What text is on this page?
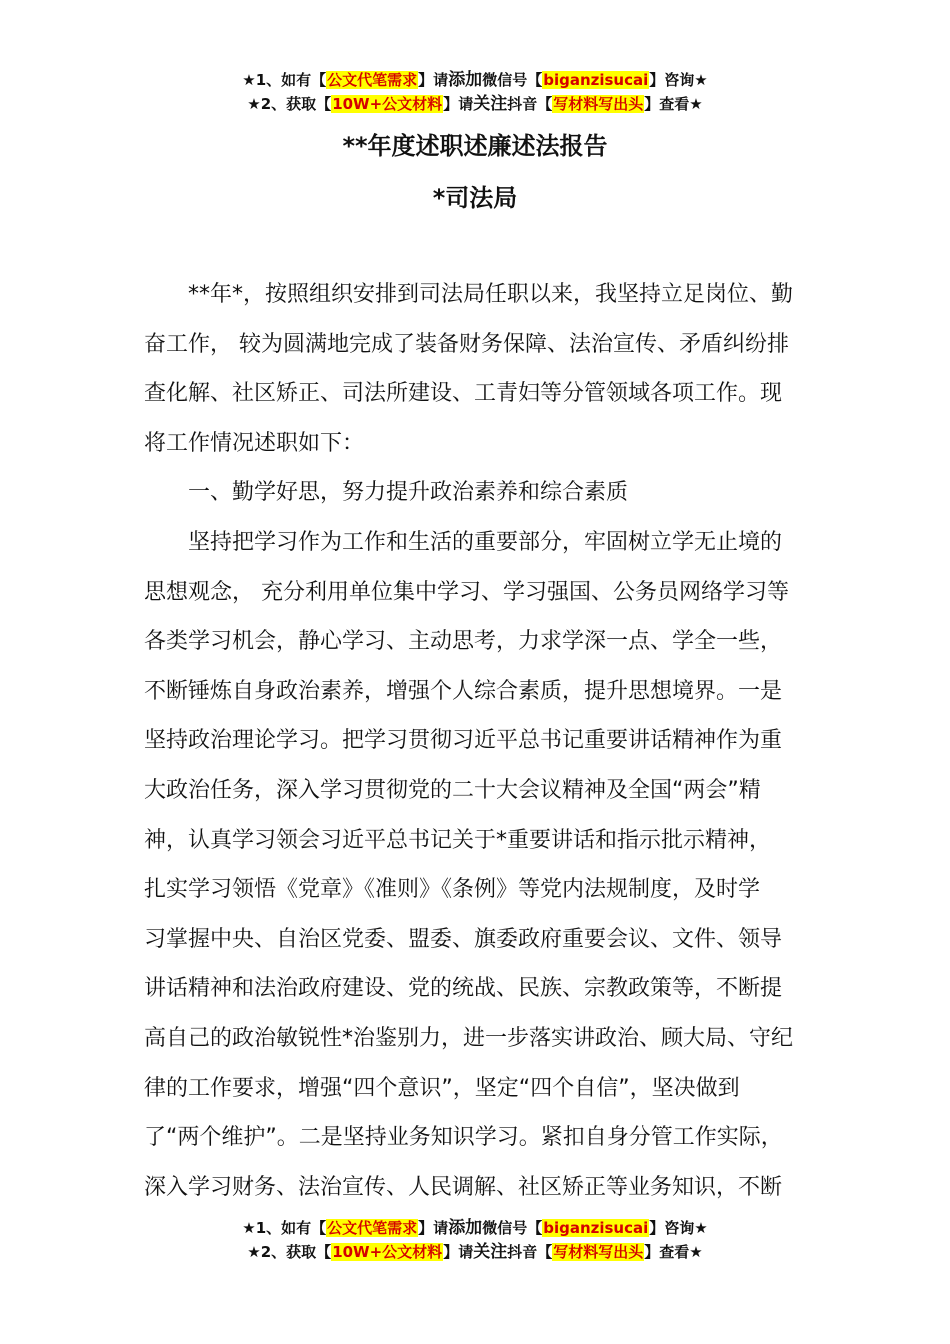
★1、如有【公文代笔需求】请添加微信号【biganzisucai】咨询★
★2、获取【10W+公文材料】请关注抖音【写材料写出头】查看★
**年度述职述廉述法报告
*司法局
**年*，按照组织安排到司法局任职以来，我坚持立足岗位、勤
奋工作， 较为圆满地完成了装备财务保障、法治宣传、矛盾纠纷排
查化解、社区矫正、司法所建设、工青妇等分管领域各项工作。现
将工作情况述职如下：
一、勤学好思，努力提升政治素养和综合素质
坚持把学习作为工作和生活的重要部分，牢固树立学无止境的
思想观念， 充分利用单位集中学习、学习强国、公务员网络学习等
各类学习机会，静心学习、主动思考，力求学深一点、学全一些，
不断锤炼自身政治素养，增强个人综合素质，提升思想境界。一是
坚持政治理论学习。把学习贯彻习近平总书记重要讲话精神作为重
大政治任务，深入学习贯彻党的二十大会议精神及全国“两会”精
神，认真学习领会习近平总书记关于*重要讲话和指示批示精神，
扎实学习领悟《党章》《准则》《条例》等党内法规制度，及时学
习掌握中央、自治区党委、盟委、旗委政府重要会议、文件、领导
讲话精神和法治政府建设、党的统战、民族、宗教政策等，不断提
高自己的政治敏锐性*治鉴别力，进一步落实讲政治、顾大局、守纪
律的工作要求，增强“四个意识”，坚定“四个自信”，坚决做到
了“两个维护”。二是坚持业务知识学习。紧扣自身分管工作实际，
深入学习财务、法治宣传、人民调解、社区矫正等业务知识，不断
★1、如有【公文代笔需求】请添加微信号【biganzisucai】咨询★
★2、获取【10W+公文材料】请关注抖音【写材料写出头】查看★
